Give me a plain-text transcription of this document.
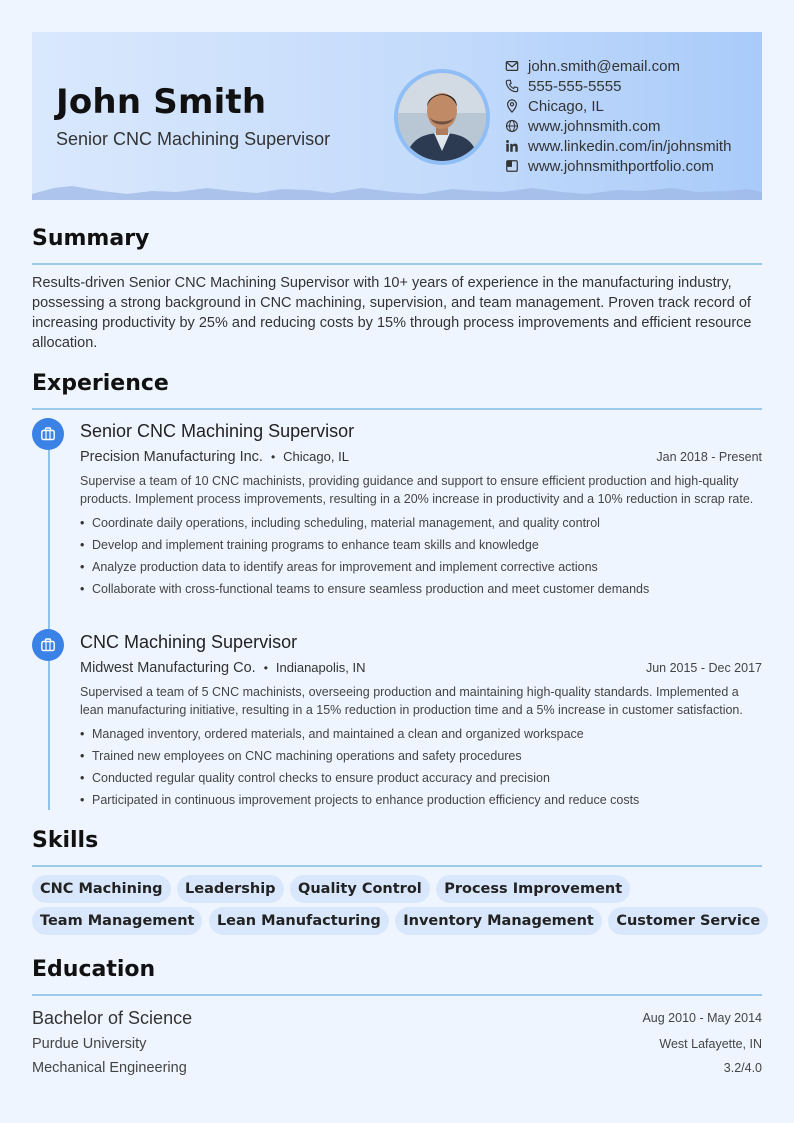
John Smith
Senior CNC Machining Supervisor
john.smith@email.com
555-555-5555
Chicago, IL
www.johnsmith.com
www.linkedin.com/in/johnsmith
www.johnsmithportfolio.com
Summary
Results-driven Senior CNC Machining Supervisor with 10+ years of experience in the manufacturing industry, possessing a strong background in CNC machining, supervision, and team management. Proven track record of increasing productivity by 25% and reducing costs by 15% through process improvements and efficient resource allocation.
Experience
Senior CNC Machining Supervisor
Precision Manufacturing Inc. • Chicago, IL	Jan 2018 - Present
Supervise a team of 10 CNC machinists, providing guidance and support to ensure efficient production and high-quality products. Implement process improvements, resulting in a 20% increase in productivity and a 10% reduction in scrap rate.
• Coordinate daily operations, including scheduling, material management, and quality control
• Develop and implement training programs to enhance team skills and knowledge
• Analyze production data to identify areas for improvement and implement corrective actions
• Collaborate with cross-functional teams to ensure seamless production and meet customer demands
CNC Machining Supervisor
Midwest Manufacturing Co. • Indianapolis, IN	Jun 2015 - Dec 2017
Supervised a team of 5 CNC machinists, overseeing production and maintaining high-quality standards. Implemented a lean manufacturing initiative, resulting in a 15% reduction in production time and a 5% increase in customer satisfaction.
• Managed inventory, ordered materials, and maintained a clean and organized workspace
• Trained new employees on CNC machining operations and safety procedures
• Conducted regular quality control checks to ensure product accuracy and precision
• Participated in continuous improvement projects to enhance production efficiency and reduce costs
Skills
CNC Machining Leadership Quality Control Process Improvement Team Management Lean Manufacturing Inventory Management Customer Service
Education
Bachelor of Science	Aug 2010 - May 2014
Purdue University	West Lafayette, IN
Mechanical Engineering	3.2/4.0
